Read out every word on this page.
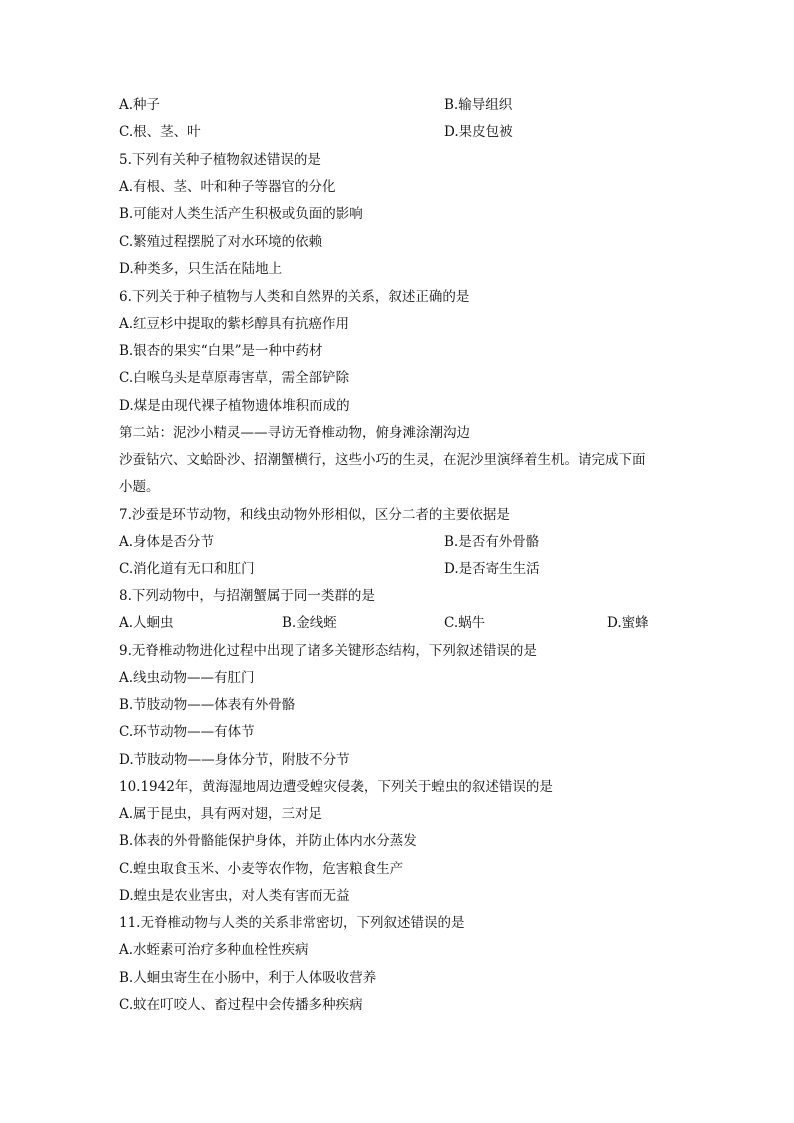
A.种子	B.输导组织
C.根、茎、叶	D.果皮包被
5.下列有关种子植物叙述错误的是
A.有根、茎、叶和种子等器官的分化
B.可能对人类生活产生积极或负面的影响
C.繁殖过程摆脱了对水环境的依赖
D.种类多，只生活在陆地上
6.下列关于种子植物与人类和自然界的关系，叙述正确的是
A.红豆杉中提取的紫杉醇具有抗癌作用
B.银杏的果实“白果”是一种中药材
C.白喉乌头是草原毒害草，需全部铲除
D.煤是由现代裸子植物遗体堆积而成的
第二站：泥沙小精灵——寻访无脊椎动物，俯身滩涂潮沟边
沙蚕钻穴、文蛤卧沙、招潮蟹横行，这些小巧的生灵，在泥沙里演绎着生机。请完成下面
小题。
7.沙蚕是环节动物，和线虫动物外形相似，区分二者的主要依据是
A.身体是否分节	B.是否有外骨骼
C.消化道有无口和肛门	D.是否寄生生活
8.下列动物中，与招潮蟹属于同一类群的是
A.人蛔虫	B.金线蛭	C.蜗牛	D.蜜蜂
9.无脊椎动物进化过程中出现了诸多关键形态结构，下列叙述错误的是
A.线虫动物——有肛门
B.节肢动物——体表有外骨骼
C.环节动物——有体节
D.节肢动物——身体分节，附肢不分节
10.1942年，黄海湿地周边遭受蝗灾侵袭，下列关于蝗虫的叙述错误的是
A.属于昆虫，具有两对翅，三对足
B.体表的外骨骼能保护身体，并防止体内水分蒸发
C.蝗虫取食玉米、小麦等农作物，危害粮食生产
D.蝗虫是农业害虫，对人类有害而无益
11.无脊椎动物与人类的关系非常密切，下列叙述错误的是
A.水蛭素可治疗多种血栓性疾病
B.人蛔虫寄生在小肠中，利于人体吸收营养
C.蚊在叮咬人、畜过程中会传播多种疾病
